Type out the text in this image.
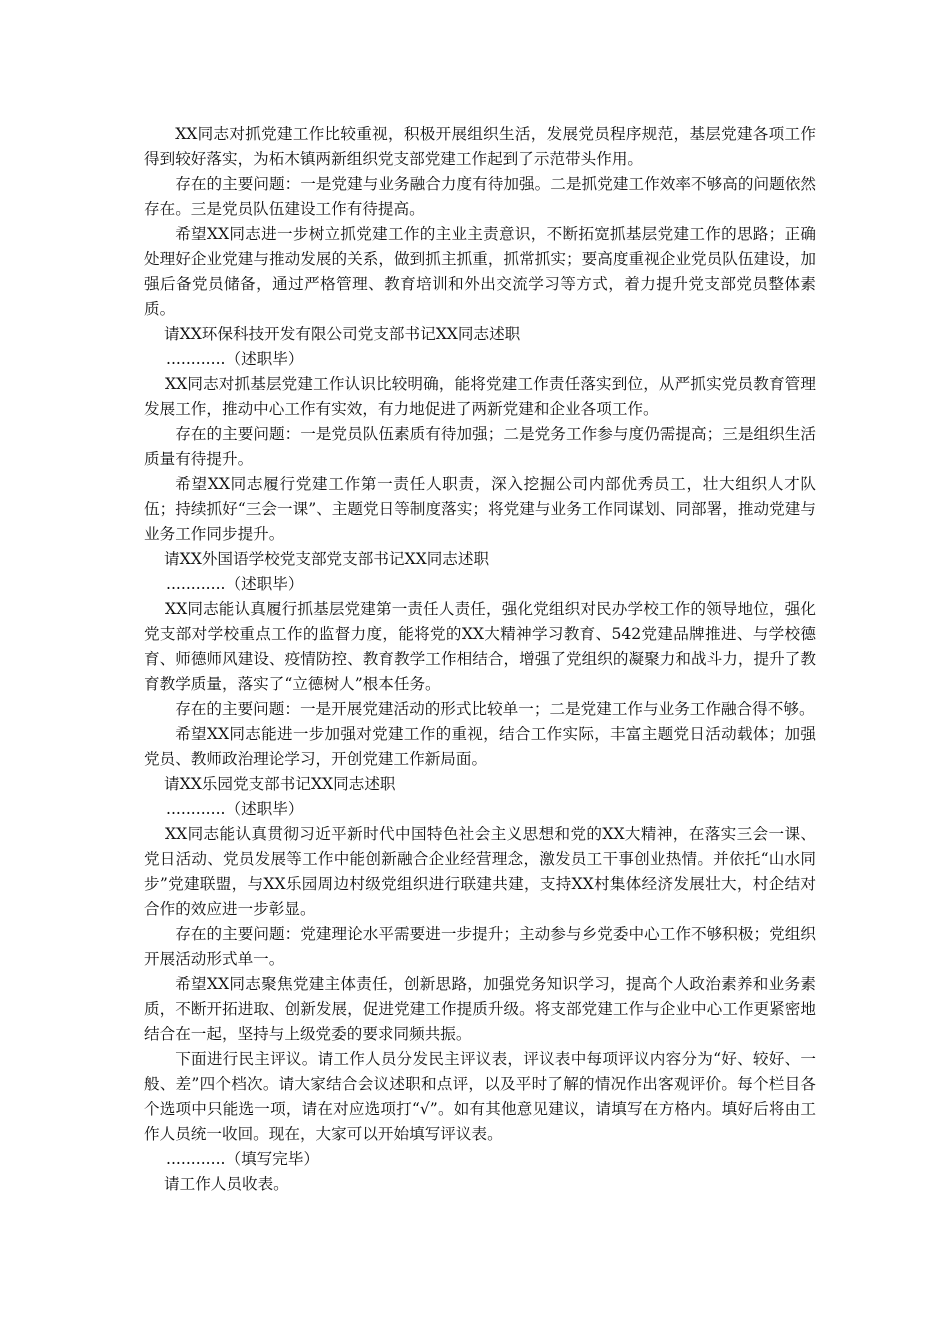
XX同志对抓党建工作比较重视，积极开展组织生活，发展党员程序规范，基层党建各项工作得到较好落实，为柘木镇两新组织党支部党建工作起到了示范带头作用。

存在的主要问题：一是党建与业务融合力度有待加强。二是抓党建工作效率不够高的问题依然存在。三是党员队伍建设工作有待提高。

希望XX同志进一步树立抓党建工作的主业主责意识，不断拓宽抓基层党建工作的思路；正确处理好企业党建与推动发展的关系，做到抓主抓重，抓常抓实；要高度重视企业党员队伍建设，加强后备党员储备，通过严格管理、教育培训和外出交流学习等方式，着力提升党支部党员整体素质。

请XX环保科技开发有限公司党支部书记XX同志述职

............（述职毕）

XX同志对抓基层党建工作认识比较明确，能将党建工作责任落实到位，从严抓实党员教育管理发展工作，推动中心工作有实效，有力地促进了两新党建和企业各项工作。

存在的主要问题：一是党员队伍素质有待加强；二是党务工作参与度仍需提高；三是组织生活质量有待提升。

希望XX同志履行党建工作第一责任人职责，深入挖掘公司内部优秀员工，壮大组织人才队伍；持续抓好“三会一课”、主题党日等制度落实；将党建与业务工作同谋划、同部署，推动党建与业务工作同步提升。

请XX外国语学校党支部党支部书记XX同志述职

............（述职毕）

XX同志能认真履行抓基层党建第一责任人责任，强化党组织对民办学校工作的领导地位，强化党支部对学校重点工作的监督力度，能将党的XX大精神学习教育、542党建品牌推进、与学校德育、师德师风建设、疫情防控、教育教学工作相结合，增强了党组织的凝聚力和战斗力，提升了教育教学质量，落实了“立德树人”根本任务。

存在的主要问题：一是开展党建活动的形式比较单一；二是党建工作与业务工作融合得不够。

希望XX同志能进一步加强对党建工作的重视，结合工作实际，丰富主题党日活动载体；加强党员、教师政治理论学习，开创党建工作新局面。

请XX乐园党支部书记XX同志述职

............（述职毕）

XX同志能认真贯彻习近平新时代中国特色社会主义思想和党的XX大精神，在落实三会一课、党日活动、党员发展等工作中能创新融合企业经营理念，激发员工干事创业热情。并依托“山水同步”党建联盟，与XX乐园周边村级党组织进行联建共建，支持XX村集体经济发展壮大，村企结对合作的效应进一步彰显。

存在的主要问题：党建理论水平需要进一步提升；主动参与乡党委中心工作不够积极；党组织开展活动形式单一。

希望XX同志聚焦党建主体责任，创新思路，加强党务知识学习，提高个人政治素养和业务素质，不断开拓进取、创新发展，促进党建工作提质升级。将支部党建工作与企业中心工作更紧密地结合在一起，坚持与上级党委的要求同频共振。

下面进行民主评议。请工作人员分发民主评议表，评议表中每项评议内容分为“好、较好、一般、差”四个档次。请大家结合会议述职和点评，以及平时了解的情况作出客观评价。每个栏目各个选项中只能选一项，请在对应选项打“√”。如有其他意见建议，请填写在方格内。填好后将由工作人员统一收回。现在，大家可以开始填写评议表。

............（填写完毕）

请工作人员收表。
